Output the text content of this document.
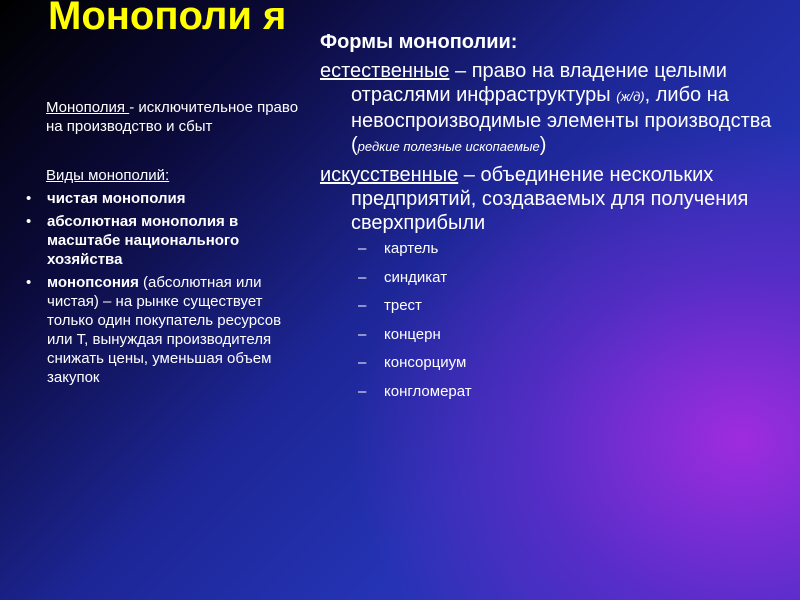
Монополи я

Монополия - исключительное право на производство и сбыт

Виды монополий:

• чистая монополия
• абсолютная монополия в масштабе национального хозяйства
• монопсония (абсолютная или чистая) – на рынке существует только один покупатель ресурсов или Т, вынуждая производителя снижать цены, уменьшая объем закупок

Формы монополии:

естественные – право на владение целыми отраслями инфраструктуры (ж/д), либо на невоспроизводимые элементы производства (редкие полезные ископаемые)

искусственные – объединение нескольких предприятий, создаваемых для получения сверхприбыли

– картель
– синдикат
– трест
– концерн
– консорциум
– конгломерат
